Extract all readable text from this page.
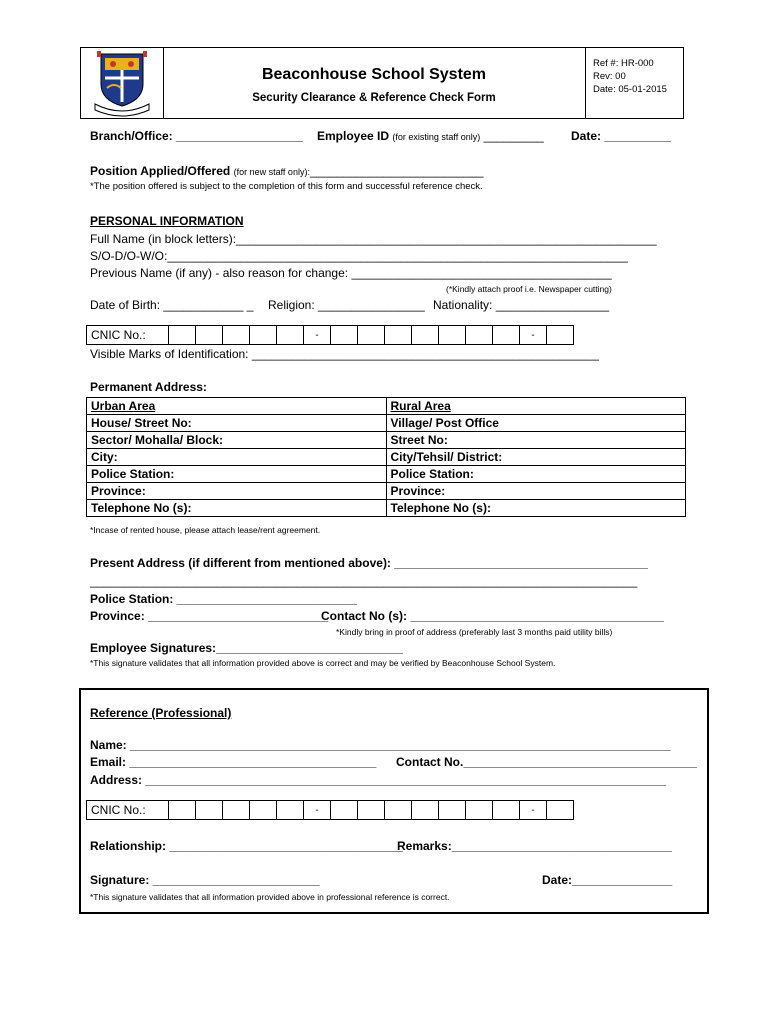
Beaconhouse School System
Security Clearance & Reference Check Form
Ref #: HR-000
Rev: 00
Date: 05-01-2015
Branch/Office: ___________________ Employee ID (for existing staff only) _________ Date: __________
Position Applied/Offered (for new staff only):__________________________
*The position offered is subject to the completion of this form and successful reference check.
PERSONAL INFORMATION
Full Name (in block letters):_______________________________________________________________
S/O-D/O-W/O:_____________________________________________________________________
Previous Name (if any) - also reason for change: _______________________________________
(*Kindly attach proof i.e. Newspaper cutting)
Date of Birth: ____________ _ Religion: ________________ Nationality: _________________
CNIC No.:						-								-	
Visible Marks of Identification: ____________________________________________________
Permanent Address:
Urban Area	Rural Area
House/ Street No:	Village/ Post Office
Sector/ Mohalla/ Block:	Street No:
City:	City/Tehsil/ District:
Police Station:	Police Station:
Province:	Province:
Telephone No (s):	Telephone No (s):
*Incase of rented house, please attach lease/rent agreement.
Present Address (if different from mentioned above): ______________________________________
__________________________________________________________________________________
Police Station: ___________________________
Province: ___________________________
Contact No (s): ______________________________________
*Kindly bring in proof of address (preferably last 3 months paid utility bills)
Employee Signatures:____________________________
*This signature validates that all information provided above is correct and may be verified by Beaconhouse School System.
Reference (Professional)
Name: _________________________________________________________________________________
Email: _____________________________________ Contact No.___________________________________
Address: ______________________________________________________________________________
CNIC No.:						-								-	
Relationship: ___________________________________
Remarks:_________________________________
Signature: _________________________	Date:_______________
*This signature validates that all information provided above in professional reference is correct.
